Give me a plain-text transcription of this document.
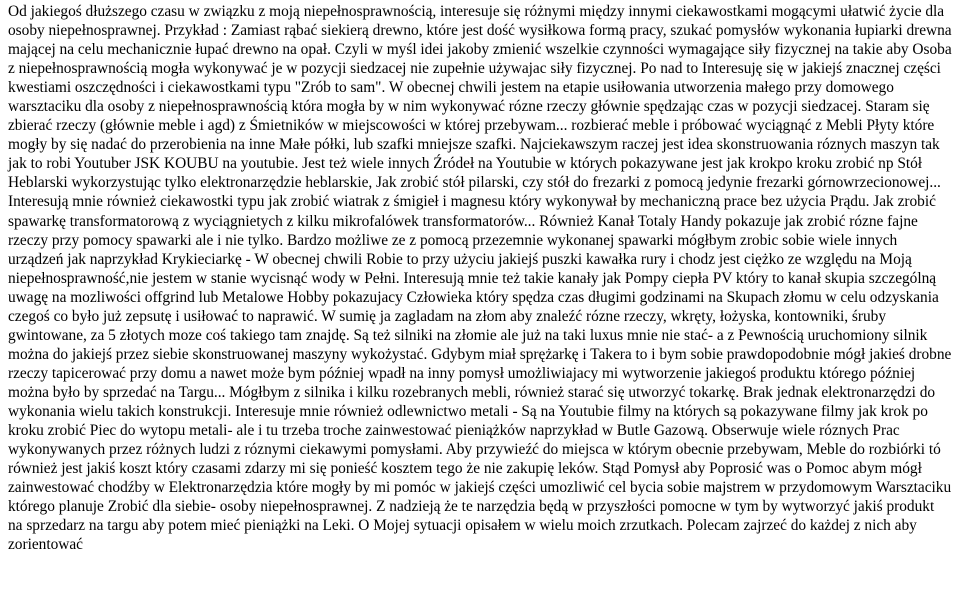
Od jakiegoś dłuższego czasu w związku z moją niepełnosprawnością, interesuje się różnymi między innymi ciekawostkami mogącymi ułatwić życie dla osoby niepełnosprawnej. Przykład : Zamiast rąbać siekierą drewno, które jest dość wysiłkowa formą pracy, szukać pomysłów wykonania łupiarki drewna mającej na celu mechanicznie łupać drewno na opał. Czyli w myśl idei jakoby zmienić wszelkie czynności wymagające siły fizycznej na takie aby Osoba z niepełnosprawnością mogła wykonywać je w pozycji siedzacej nie zupełnie używajac siły fizycznej. Po nad to Interesuję się w jakiejś znacznej części kwestiami oszczędności i ciekawostkami typu "Zrób to sam". W obecnej chwili jestem na etapie usiłowania utworzenia małego przy domowego warsztaciku dla osoby z niepełnosprawnością która mogła by w nim wykonywać rózne rzeczy głównie spędzając czas w pozycji siedzacej. Staram się zbierać rzeczy (głównie meble i agd) z Śmietników w miejscowości w której przebywam... rozbierać meble i próbować wyciągnąć z Mebli Płyty które mogły by się nadać do przerobienia na inne Małe półki, lub szafki mniejsze szafki. Najciekawszym raczej jest idea skonstruowania róznych maszyn tak jak to robi Youtuber JSK KOUBU na youtubie. Jest też wiele innych Źródeł na Youtubie w których pokazywane jest jak krokpo kroku zrobić np Stół Heblarski wykorzystując tylko elektronarzędzie heblarskie, Jak zrobić stół pilarski, czy stół do frezarki z pomocą jedynie frezarki górnowrzecionowej... Interesują mnie również ciekawostki typu jak zrobić wiatrak z śmigieł i magnesu który wykonywał by mechaniczną prace bez użycia Prądu. Jak zrobić spawarkę transformatorową z wyciągnietych z kilku mikrofalówek transformatorów... Również Kanał Totaly Handy pokazuje jak zrobić rózne fajne rzeczy przy pomocy spawarki ale i nie tylko. Bardzo możliwe ze z pomocą przezemnie wykonanej spawarki mógłbym zrobic sobie wiele innych urządzeń jak naprzykład Krykieciarkę - W obecnej chwili Robie to przy użyciu jakiejś puszki kawałka rury i chodz jest ciężko ze względu na Moją niepełnosprawność,nie jestem w stanie wycisnąć wody w Pełni. Interesują mnie też takie kanały jak Pompy ciepła PV który to kanał skupia szczególną uwagę na mozliwości offgrind lub Metalowe Hobby pokazujacy Człowieka który spędza czas długimi godzinami na Skupach złomu w celu odzyskania czegoś co było już zepsutę i usiłować to naprawić. W sumię ja zagladam na złom aby znaleźć rózne rzeczy, wkręty, łożyska, kontowniki, śruby gwintowane, za 5 złotych moze coś takiego tam znajdę. Są też silniki na złomie ale już na taki luxus mnie nie stać- a z Pewnością uruchomiony silnik można do jakiejś przez siebie skonstruowanej maszyny wykożystać. Gdybym miał sprężarkę i Takera to i bym sobie prawdopodobnie mógł jakieś drobne rzeczy tapicerować przy domu a nawet może bym później wpadł na inny pomysł umożliwiajacy mi wytworzenie jakiegoś produktu którego później można było by sprzedać na Targu... Mógłbym z silnika i kilku rozebranych mebli, również starać się utworzyć tokarkę. Brak jednak elektronarzędzi do wykonania wielu takich konstrukcji. Interesuje mnie również odlewnictwo metali - Są na Youtubie filmy na których są pokazywane filmy jak krok po kroku zrobić Piec do wytopu metali- ale i tu trzeba troche zainwestować pieniążków naprzykład w Butle Gazową. Obserwuje wiele róznych Prac wykonywanych przez różnych ludzi z róznymi ciekawymi pomysłami. Aby przywieźć do miejsca w którym obecnie przebywam, Meble do rozbiórki tó również jest jakiś koszt który czasami zdarzy mi się ponieść kosztem tego że nie zakupię leków. Stąd Pomysł aby Poprosić was o Pomoc abym mógł zainwestować chodźby w Elektronarzędzia które mogły by mi pomóc w jakiejś części umozliwić cel bycia sobie majstrem w przydomowym Warsztaciku którego planuje Zrobić dla siebie- osoby niepełnosprawnej. Z nadzieją że te narzędzia będą w przyszłości pomocne w tym by wytworzyć jakiś produkt na sprzedarz na targu aby potem mieć pieniążki na Leki. O Mojej sytuacji opisałem w wielu moich zrzutkach. Polecam zajrzeć do każdej z nich aby zorientować
